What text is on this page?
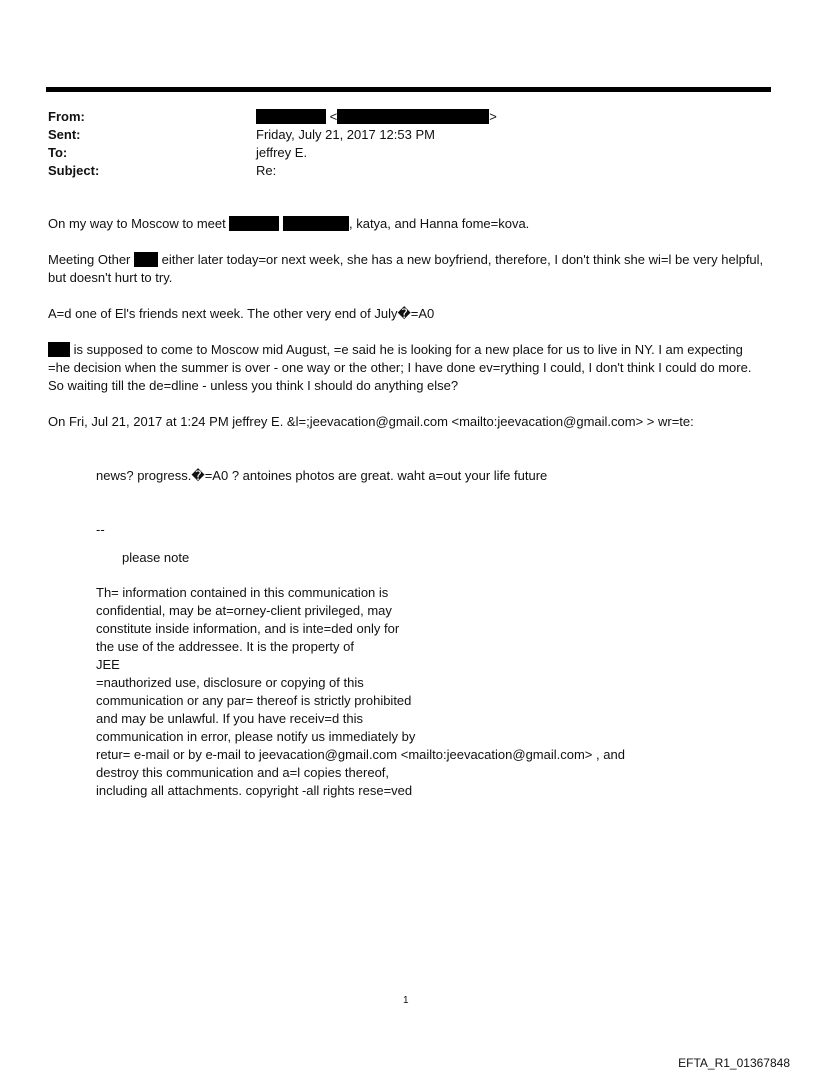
From:	<	>
Sent:	Friday, July 21, 2017 12:53 PM
To:	jeffrey E.
Subject:	Re:

On my way to Moscow to meet	, katya, and Hanna fome=kova.

Meeting Other  either later today=or next week, she has a new boyfriend, therefore, I don't think she wi=l be very helpful, but doesn't hurt to try.

A=d one of El's friends next week. The other very end of July�=A0

is supposed to come to Moscow mid August, =e said he is looking for a new place for us to live in NY. I am expecting =he decision when the summer is over - one way or the other; I have done ev=rything I could, I don't think I could do more. So waiting till the de=dline - unless you think I should do anything else?

On Fri, Jul 21, 2017 at 1:24 PM jeffrey E. &l=;jeevacation@gmail.com <mailto:jeevacation@gmail.com> > wr=te:

news? progress.�=A0 ? antoines photos are great. waht a=out your life future

--

please note

Th= information contained in this communication is

confidential, may be at=orney-client privileged, may

constitute inside information, and is inte=ded only for

the use of the addressee. It is the property of

JEE

=nauthorized use, disclosure or copying of this

communication or any par= thereof is strictly prohibited

and may be unlawful. If you have receiv=d this

communication in error, please notify us immediately by

retur= e-mail or by e-mail to jeevacation@gmail.com <mailto:jeevacation@gmail.com> , and

destroy this communication and a=l copies thereof,

including all attachments. copyright -all rights rese=ved

1
EFTA_R1_01367848
